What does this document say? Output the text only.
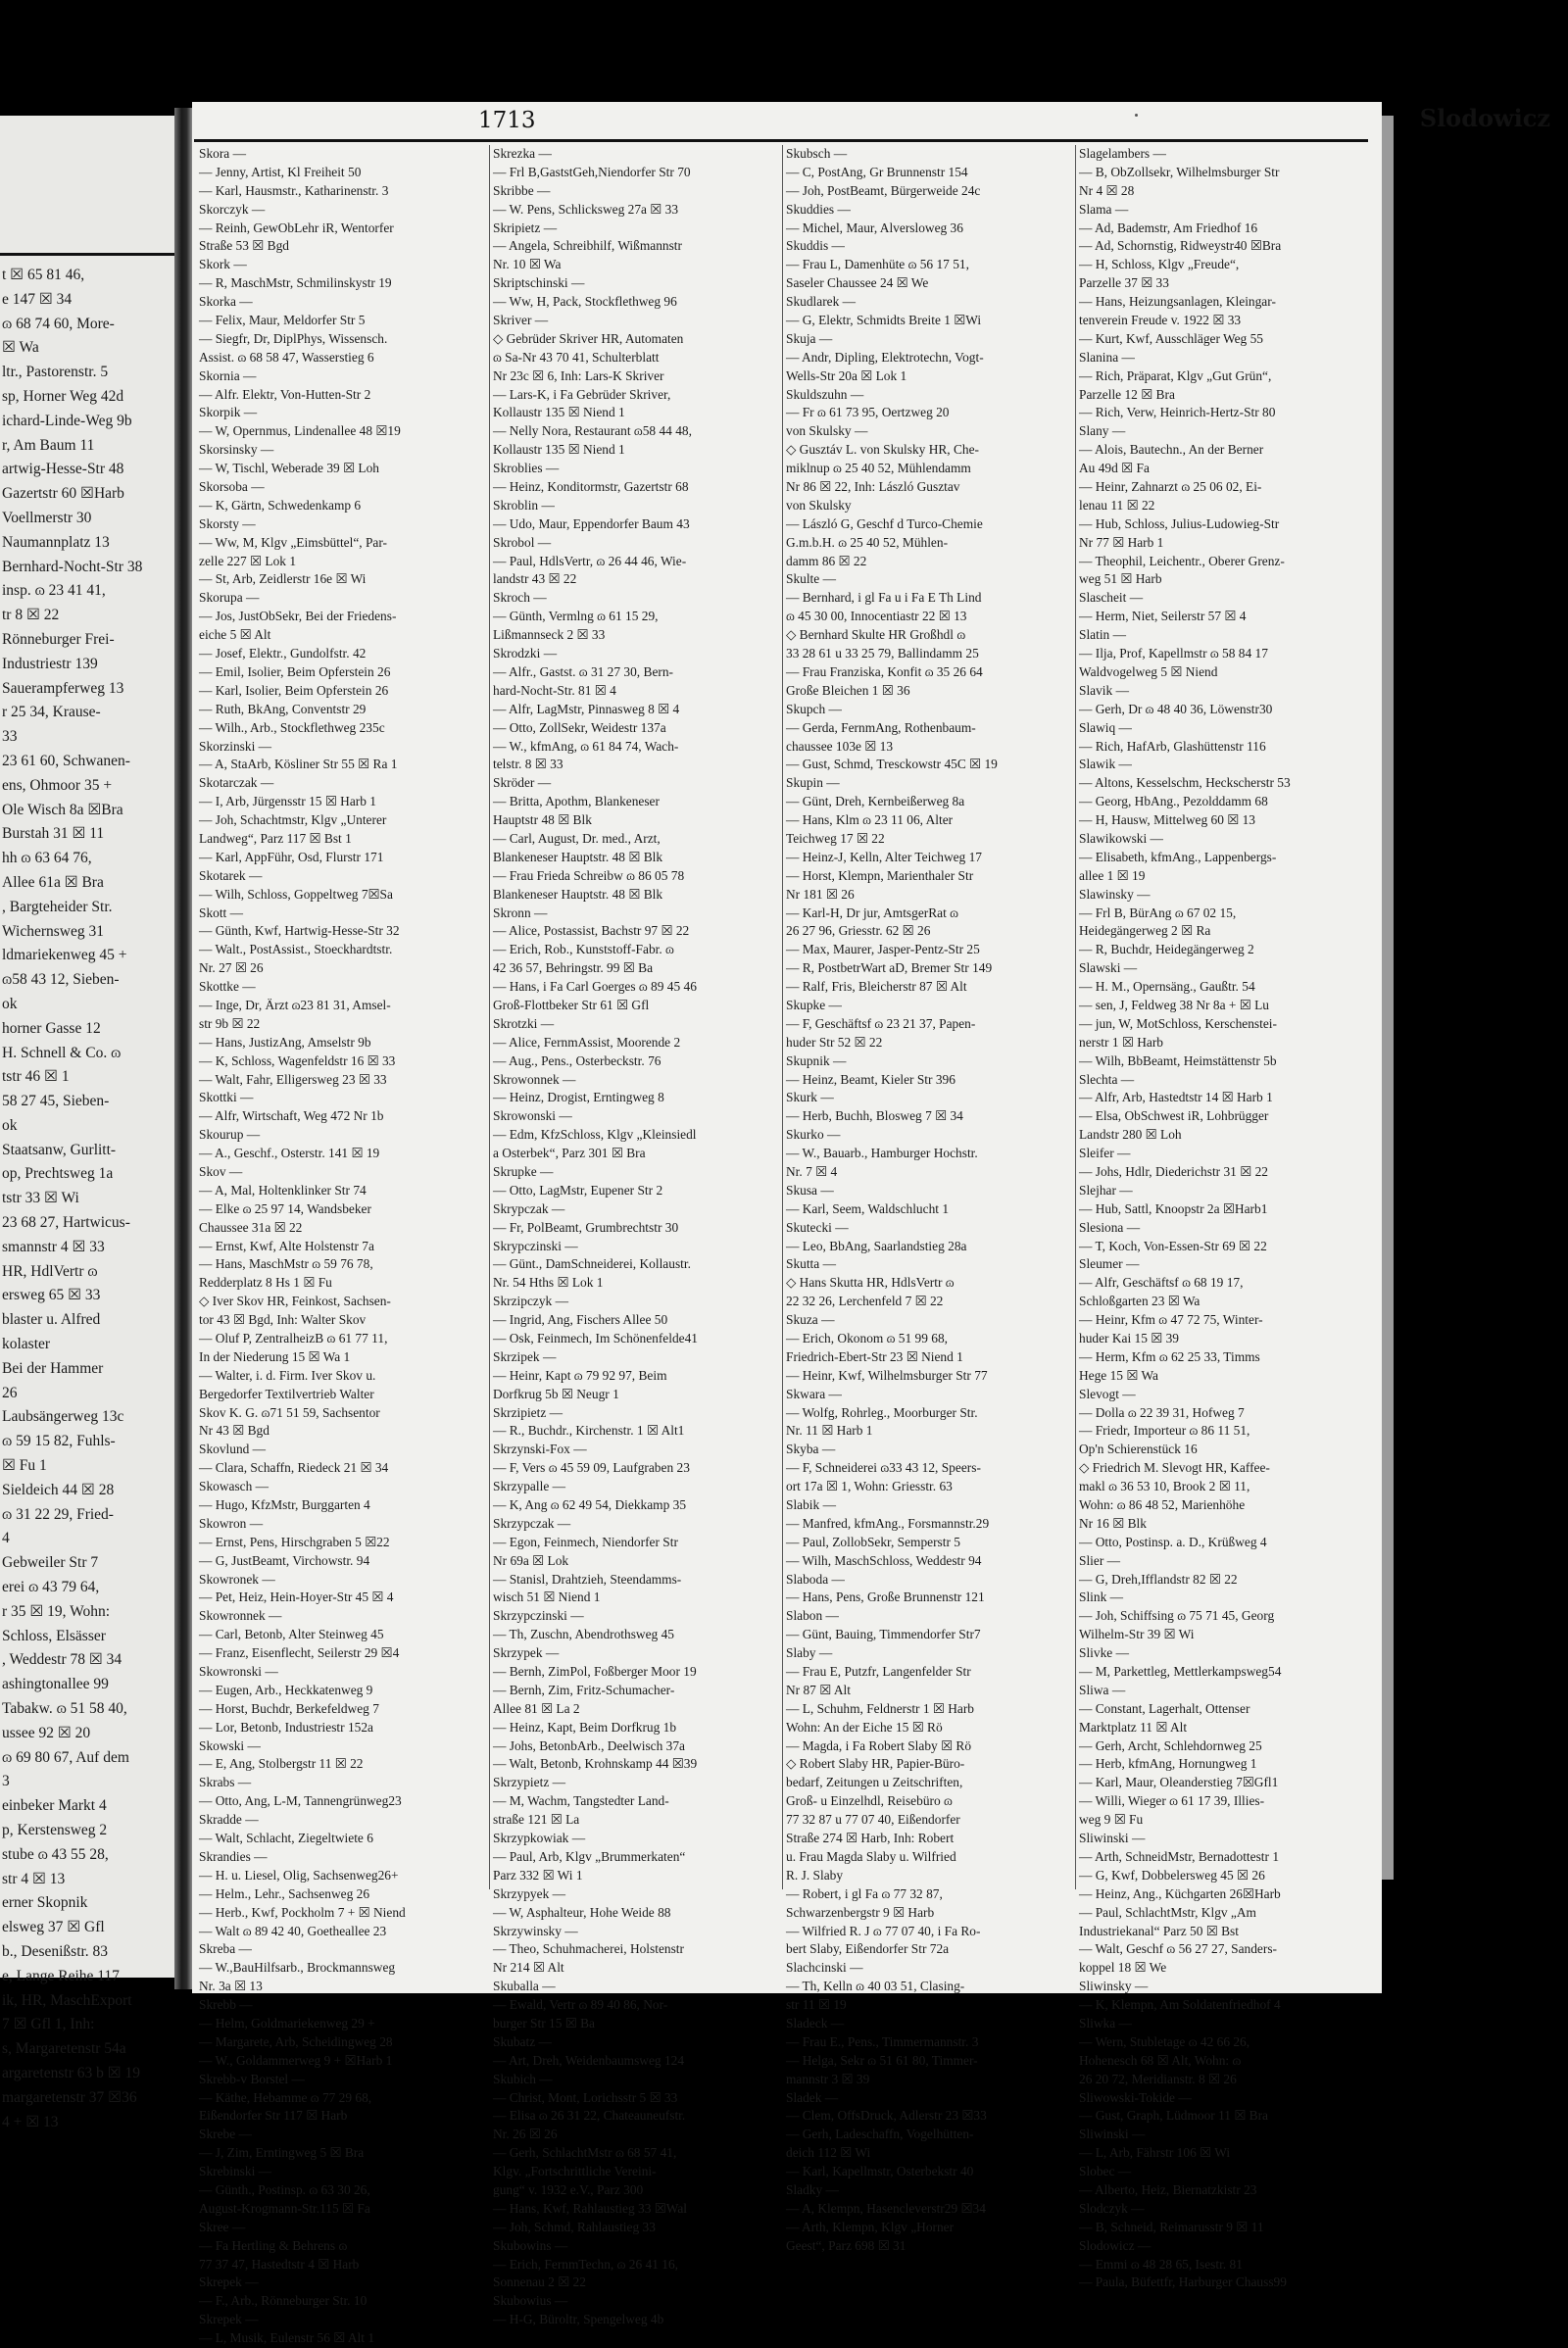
t ☒ 65 81 46,
e 147 ☒ 34
ɷ 68 74 60, More-
☒ Wa
ltr., Pastorenstr. 5
sp, Horner Weg 42d
ichard-Linde-Weg 9b
r, Am Baum 11
artwig-Hesse-Str 48
Gazertstr 60 ☒Harb
Voellmerstr 30
Naumannplatz 13
Bernhard-Nocht-Str 38
insp. ɷ 23 41 41,
tr 8 ☒ 22
Rönneburger Frei-
Industriestr 139
Sauerampferweg 13
r 25 34, Krause-
33
23 61 60, Schwanen-
ens, Ohmoor 35 +
Ole Wisch 8a ☒Bra
Burstah 31 ☒ 11
hh ɷ 63 64 76,
Allee 61a ☒ Bra
, Bargteheider Str.
Wichernsweg 31
ldmariekenweg 45 +
ɷ58 43 12, Sieben-
ok
horner Gasse 12
H. Schnell & Co. ɷ
tstr 46 ☒ 1
58 27 45, Sieben-
ok
Staatsanw, Gurlitt-
op, Prechtsweg 1a
tstr 33 ☒ Wi
23 68 27, Hartwicus-
smannstr 4 ☒ 33
HR, HdlVertr ɷ
ersweg 65 ☒ 33
blaster u. Alfred
kolaster
Bei der Hammer
26
Laubsängerweg 13c
ɷ 59 15 82, Fuhls-
☒ Fu 1
Sieldeich 44 ☒ 28
ɷ 31 22 29, Fried-
4
Gebweiler Str 7
erei ɷ 43 79 64,
r 35 ☒ 19, Wohn:
Schloss, Elsässer
, Weddestr 78 ☒ 34
ashingtonallee 99
Tabakw. ɷ 51 58 40,
ussee 92 ☒ 20
ɷ 69 80 67, Auf dem
3
einbeker Markt 4
p, Kerstensweg 2
stube ɷ 43 55 28,
str 4 ☒ 13
erner Skopnik
elsweg 37 ☒ Gfl
b., Desenißstr. 83
e, Lange Reihe 117
ik, HR, MaschExport
7 ☒ Gfl 1, Inh:
s, Margaretenstr 54a
argaretenstr 63 b ☒ 19
margaretenstr 37 ☒36
4 + ☒ 13
1713	Slodowicz
Skora —
— Jenny, Artist, Kl Freiheit 50
— Karl, Hausmstr., Katharinenstr. 3
Skorczyk —
— Reinh, GewObLehr iR, Wentorfer
Straße 53 ☒ Bgd
Skork —
— R, MaschMstr, Schmilinskystr 19
Skorka —
— Felix, Maur, Meldorfer Str 5
— Siegfr, Dr, DiplPhys, Wissensch.
Assist. ɷ 68 58 47, Wasserstieg 6
Skornia —
— Alfr. Elektr, Von-Hutten-Str 2
Skorpik —
— W, Opernmus, Lindenallee 48 ☒19
Skorsinsky —
— W, Tischl, Weberade 39 ☒ Loh
Skorsoba —
— K, Gärtn, Schwedenkamp 6
Skorsty —
— Ww, M, Klgv „Eimsbüttel“, Par-
zelle 227 ☒ Lok 1
— St, Arb, Zeidlerstr 16e ☒ Wi
Skorupa —
— Jos, JustObSekr, Bei der Friedens-
eiche 5 ☒ Alt
— Josef, Elektr., Gundolfstr. 42
— Emil, Isolier, Beim Opferstein 26
— Karl, Isolier, Beim Opferstein 26
— Ruth, BkAng, Conventstr 29
— Wilh., Arb., Stockflethweg 235c
Skorzinski —
— A, StaArb, Kösliner Str 55 ☒ Ra 1
Skotarczak —
— I, Arb, Jürgensstr 15 ☒ Harb 1
— Joh, Schachtmstr, Klgv „Unterer
Landweg“, Parz 117 ☒ Bst 1
— Karl, AppFühr, Osd, Flurstr 171
Skotarek —
— Wilh, Schloss, Goppeltweg 7☒Sa
Skott —
— Günth, Kwf, Hartwig-Hesse-Str 32
— Walt., PostAssist., Stoeckhardtstr.
Nr. 27 ☒ 26
Skottke —
— Inge, Dr, Ärzt ɷ23 81 31, Amsel-
str 9b ☒ 22
— Hans, JustizAng, Amselstr 9b
— K, Schloss, Wagenfeldstr 16 ☒ 33
— Walt, Fahr, Elligersweg 23 ☒ 33
Skottki —
— Alfr, Wirtschaft, Weg 472 Nr 1b
Skourup —
— A., Geschf., Osterstr. 141 ☒ 19
Skov —
— A, Mal, Holtenklinker Str 74
— Elke ɷ 25 97 14, Wandsbeker
Chaussee 31a ☒ 22
— Ernst, Kwf, Alte Holstenstr 7a
— Hans, MaschMstr ɷ 59 76 78,
Redderplatz 8 Hs 1 ☒ Fu
◇ Iver Skov HR, Feinkost, Sachsen-
tor 43 ☒ Bgd, Inh: Walter Skov
— Oluf P, ZentralheizB ɷ 61 77 11,
In der Niederung 15 ☒ Wa 1
— Walter, i. d. Firm. Iver Skov u.
Bergedorfer Textilvertrieb Walter
Skov K. G. ɷ71 51 59, Sachsentor
Nr 43 ☒ Bgd
Skovlund —
— Clara, Schaffn, Riedeck 21 ☒ 34
Skowasch —
— Hugo, KfzMstr, Burggarten 4
Skowron —
— Ernst, Pens, Hirschgraben 5 ☒22
— G, JustBeamt, Virchowstr. 94
Skowronek —
— Pet, Heiz, Hein-Hoyer-Str 45 ☒ 4
Skowronnek —
— Carl, Betonb, Alter Steinweg 45
— Franz, Eisenflecht, Seilerstr 29 ☒4
Skowronski —
— Eugen, Arb., Heckkatenweg 9
— Horst, Buchdr, Berkefeldweg 7
— Lor, Betonb, Industriestr 152a
Skowski —
— E, Ang, Stolbergstr 11 ☒ 22
Skrabs —
— Otto, Ang, L-M, Tannengrünweg23
Skradde —
— Walt, Schlacht, Ziegeltwiete 6
Skrandies —
— H. u. Liesel, Olig, Sachsenweg26+
— Helm., Lehr., Sachsenweg 26
— Herb., Kwf, Pockholm 7 + ☒ Niend
— Walt ɷ 89 42 40, Goetheallee 23
Skreba —
— W.,BauHilfsarb., Brockmannsweg
Nr. 3a ☒ 13
Skrebb —
— Helm, Goldmariekenweg 29 +
— Margarete, Arb, Scheidingweg 28
— W., Goldammerweg 9 + ☒Harb 1
Skrebb-v Borstel —
— Käthe, Hebamme ɷ 77 29 68,
Eißendorfer Str 117 ☒ Harb
Skrebe —
— J, Zim, Erntingweg 5 ☒ Bra
Skrebinski —
— Günth., Postinsp. ɷ 63 30 26,
August-Krogmann-Str.115 ☒ Fa
Skree —
— Fa Hertling & Behrens ɷ
77 37 47, Hastedtstr 4 ☒ Harb
Skrepek —
— F., Arb., Rönneburger Str. 10
Skrepek —
— L, Musik, Eulenstr 56 ☒ Alt 1
Skrezka —
— Frl B,GaststGeh,Niendorfer Str 70
Skribbe —
— W. Pens, Schlicksweg 27a ☒ 33
Skripietz —
— Angela, Schreibhilf, Wißmannstr
Nr. 10 ☒ Wa
Skriptschinski —
— Ww, H, Pack, Stockflethweg 96
Skriver —
◇ Gebrüder Skriver HR, Automaten
ɷ Sa-Nr 43 70 41, Schulterblatt
Nr 23c ☒ 6, Inh: Lars-K Skriver
— Lars-K, i Fa Gebrüder Skriver,
Kollaustr 135 ☒ Niend 1
— Nelly Nora, Restaurant ɷ58 44 48,
Kollaustr 135 ☒ Niend 1
Skroblies —
— Heinz, Konditormstr, Gazertstr 68
Skroblin —
— Udo, Maur, Eppendorfer Baum 43
Skrobol —
— Paul, HdlsVertr, ɷ 26 44 46, Wie-
landstr 43 ☒ 22
Skroch —
— Günth, Vermlng ɷ 61 15 29,
Lißmannseck 2 ☒ 33
Skrodzki —
— Alfr., Gastst. ɷ 31 27 30, Bern-
hard-Nocht-Str. 81 ☒ 4
— Alfr, LagMstr, Pinnasweg 8 ☒ 4
— Otto, ZollSekr, Weidestr 137a
— W., kfmAng, ɷ 61 84 74, Wach-
telstr. 8 ☒ 33
Skröder —
— Britta, Apothm, Blankeneser
Hauptstr 48 ☒ Blk
— Carl, August, Dr. med., Arzt,
Blankeneser Hauptstr. 48 ☒ Blk
— Frau Frieda Schreibw ɷ 86 05 78
Blankeneser Hauptstr. 48 ☒ Blk
Skronn —
— Alice, Postassist, Bachstr 97 ☒ 22
— Erich, Rob., Kunststoff-Fabr. ɷ
42 36 57, Behringstr. 99 ☒ Ba
— Hans, i Fa Carl Goerges ɷ 89 45 46
Groß-Flottbeker Str 61 ☒ Gfl
Skrotzki —
— Alice, FernmAssist, Moorende 2
— Aug., Pens., Osterbeckstr. 76
Skrowonnek —
— Heinz, Drogist, Erntingweg 8
Skrowonski —
— Edm, KfzSchloss, Klgv „Kleinsiedl
a Osterbek“, Parz 301 ☒ Bra
Skrupke —
— Otto, LagMstr, Eupener Str 2
Skrypczak —
— Fr, PolBeamt, Grumbrechtstr 30
Skrypczinski —
— Günt., DamSchneiderei, Kollaustr.
Nr. 54 Hths ☒ Lok 1
Skrzipczyk —
— Ingrid, Ang, Fischers Allee 50
— Osk, Feinmech, Im Schönenfelde41
Skrzipek —
— Heinr, Kapt ɷ 79 92 97, Beim
Dorfkrug 5b ☒ Neugr 1
Skrzipietz —
— R., Buchdr., Kirchenstr. 1 ☒ Alt1
Skrzynski-Fox —
— F, Vers ɷ 45 59 09, Laufgraben 23
Skrzypalle —
— K, Ang ɷ 62 49 54, Diekkamp 35
Skrzypczak —
— Egon, Feinmech, Niendorfer Str
Nr 69a ☒ Lok
— Stanisl, Drahtzieh, Steendamms-
wisch 51 ☒ Niend 1
Skrzypczinski —
— Th, Zuschn, Abendrothsweg 45
Skrzypek —
— Bernh, ZimPol, Foßberger Moor 19
— Bernh, Zim, Fritz-Schumacher-
Allee 81 ☒ La 2
— Heinz, Kapt, Beim Dorfkrug 1b
— Johs, BetonbArb., Deelwisch 37a
— Walt, Betonb, Krohnskamp 44 ☒39
Skrzypietz —
— M, Wachm, Tangstedter Land-
straße 121 ☒ La
Skrzypkowiak —
— Paul, Arb, Klgv „Brummerkaten“
Parz 332 ☒ Wi 1
Skrzypyek —
— W, Asphalteur, Hohe Weide 88
Skrzywinsky —
— Theo, Schuhmacherei, Holstenstr
Nr 214 ☒ Alt
Skuballa —
— Ewald, Vertr ɷ 89 40 86, Nor-
burger Str 15 ☒ Ba
Skubatz —
— Art, Dreh, Weidenbaumsweg 124
Skubich —
— Christ, Mont, Lorichsstr 5 ☒ 33
— Elisa ɷ 26 31 22, Chateauneufstr.
Nr. 26 ☒ 26
— Gerh, SchlachtMstr ɷ 68 57 41,
Klgv. „Fortschrittliche Vereini-
gung“ v. 1932 e.V., Parz 300
— Hans, Kwf, Rahlaustieg 33 ☒Wal
— Joh, Schmd, Rahlaustieg 33
Skubowins —
— Erich, FernmTechn, ɷ 26 41 16,
Sonnenau 2 ☒ 22
Skubowius —
— H-G, Büroltr, Spengelweg 4b
Skubsch —
— C, PostAng, Gr Brunnenstr 154
— Joh, PostBeamt, Bürgerweide 24c
Skuddies —
— Michel, Maur, Alversloweg 36
Skuddis —
— Frau L, Damenhüte ɷ 56 17 51,
Saseler Chaussee 24 ☒ We
Skudlarek —
— G, Elektr, Schmidts Breite 1 ☒Wi
Skuja —
— Andr, Dipling, Elektrotechn, Vogt-
Wells-Str 20a ☒ Lok 1
Skuldszuhn —
— Fr ɷ 61 73 95, Oertzweg 20
von Skulsky —
◇ Gusztáv L. von Skulsky HR, Che-
miklnup ɷ 25 40 52, Mühlendamm
Nr 86 ☒ 22, Inh: László Gusztav
von Skulsky
— László G, Geschf d Turco-Chemie
G.m.b.H. ɷ 25 40 52, Mühlen-
damm 86 ☒ 22
Skulte —
— Bernhard, i gl Fa u i Fa E Th Lind
ɷ 45 30 00, Innocentiastr 22 ☒ 13
◇ Bernhard Skulte HR Großhdl ɷ
33 28 61 u 33 25 79, Ballindamm 25
— Frau Franziska, Konfit ɷ 35 26 64
Große Bleichen 1 ☒ 36
Skupch —
— Gerda, FernmAng, Rothenbaum-
chaussee 103e ☒ 13
— Gust, Schmd, Tresckowstr 45C ☒ 19
Skupin —
— Günt, Dreh, Kernbeißerweg 8a
— Hans, Klm ɷ 23 11 06, Alter
Teichweg 17 ☒ 22
— Heinz-J, Kelln, Alter Teichweg 17
— Horst, Klempn, Marienthaler Str
Nr 181 ☒ 26
— Karl-H, Dr jur, AmtsgerRat ɷ
26 27 96, Griesstr. 62 ☒ 26
— Max, Maurer, Jasper-Pentz-Str 25
— R, PostbetrWart aD, Bremer Str 149
— Ralf, Fris, Bleicherstr 87 ☒ Alt
Skupke —
— F, Geschäftsf ɷ 23 21 37, Papen-
huder Str 52 ☒ 22
Skupnik —
— Heinz, Beamt, Kieler Str 396
Skurk —
— Herb, Buchh, Blosweg 7 ☒ 34
Skurko —
— W., Bauarb., Hamburger Hochstr.
Nr. 7 ☒ 4
Skusa —
— Karl, Seem, Waldschlucht 1
Skutecki —
— Leo, BbAng, Saarlandstieg 28a
Skutta —
◇ Hans Skutta HR, HdlsVertr ɷ
22 32 26, Lerchenfeld 7 ☒ 22
Skuza —
— Erich, Okonom ɷ 51 99 68,
Friedrich-Ebert-Str 23 ☒ Niend 1
— Heinr, Kwf, Wilhelmsburger Str 77
Skwara —
— Wolfg, Rohrleg., Moorburger Str.
Nr. 11 ☒ Harb 1
Skyba —
— F, Schneiderei ɷ33 43 12, Speers-
ort 17a ☒ 1, Wohn: Griesstr. 63
Slabik —
— Manfred, kfmAng., Forsmannstr.29
— Paul, ZollobSekr, Semperstr 5
— Wilh, MaschSchloss, Weddestr 94
Slaboda —
— Hans, Pens, Große Brunnenstr 121
Slabon —
— Günt, Bauing, Timmendorfer Str7
Slaby —
— Frau E, Putzfr, Langenfelder Str
Nr 87 ☒ Alt
— L, Schuhm, Feldnerstr 1 ☒ Harb
Wohn: An der Eiche 15 ☒ Rö
— Magda, i Fa Robert Slaby ☒ Rö
◇ Robert Slaby HR, Papier-Büro-
bedarf, Zeitungen u Zeitschriften,
Groß- u Einzelhdl, Reisebüro ɷ
77 32 87 u 77 07 40, Eißendorfer
Straße 274 ☒ Harb, Inh: Robert
u. Frau Magda Slaby u. Wilfried
R. J. Slaby
— Robert, i gl Fa ɷ 77 32 87,
Schwarzenbergstr 9 ☒ Harb
— Wilfried R. J ɷ 77 07 40, i Fa Ro-
bert Slaby, Eißendorfer Str 72a
Slachcinski —
— Th, Kelln ɷ 40 03 51, Clasing-
str 11 ☒ 19
Sladeck —
— Frau E., Pens., Timmermannstr. 3
— Helga, Sekr ɷ 51 61 80, Timmer-
mannstr 3 ☒ 39
Sladek —
— Clem, OffsDruck, Adlerstr 23 ☒33
— Gerh, Ladeschaffn, Vogelhütten-
deich 112 ☒ Wi
— Karl, Kapellmstr, Osterbekstr 40
Sladky —
— A, Klempn, Hasencleverstr29 ☒34
— Arth, Klempn, Klgv „Horner
Geest“, Parz 698 ☒ 31
Slagelambers —
— B, ObZollsekr, Wilhelmsburger Str
Nr 4 ☒ 28
Slama —
— Ad, Bademstr, Am Friedhof 16
— Ad, Schornstig, Ridweystr40 ☒Bra
— H, Schloss, Klgv „Freude“,
Parzelle 37 ☒ 33
— Hans, Heizungsanlagen, Kleingar-
tenverein Freude v. 1922 ☒ 33
— Kurt, Kwf, Ausschläger Weg 55
Slanina —
— Rich, Präparat, Klgv „Gut Grün“,
Parzelle 12 ☒ Bra
— Rich, Verw, Heinrich-Hertz-Str 80
Slany —
— Alois, Bautechn., An der Berner
Au 49d ☒ Fa
— Heinr, Zahnarzt ɷ 25 06 02, Ei-
lenau 11 ☒ 22
— Hub, Schloss, Julius-Ludowieg-Str
Nr 77 ☒ Harb 1
— Theophil, Leichentr., Oberer Grenz-
weg 51 ☒ Harb
Slascheit —
— Herm, Niet, Seilerstr 57 ☒ 4
Slatin —
— Ilja, Prof, Kapellmstr ɷ 58 84 17
Waldvogelweg 5 ☒ Niend
Slavik —
— Gerh, Dr ɷ 48 40 36, Löwenstr30
Slawiq —
— Rich, HafArb, Glashüttenstr 116
Slawik —
— Altons, Kesselschm, Heckscherstr 53
— Georg, HbAng., Pezolddamm 68
— H, Hausw, Mittelweg 60 ☒ 13
Slawikowski —
— Elisabeth, kfmAng., Lappenbergs-
allee 1 ☒ 19
Slawinsky —
— Frl B, BürAng ɷ 67 02 15,
Heidegängerweg 2 ☒ Ra
— R, Buchdr, Heidegängerweg 2
Slawski —
— H. M., Opernsäng., Gaußtr. 54
— sen, J, Feldweg 38 Nr 8a + ☒ Lu
— jun, W, MotSchloss, Kerschenstei-
nerstr 1 ☒ Harb
— Wilh, BbBeamt, Heimstättenstr 5b
Slechta —
— Alfr, Arb, Hastedtstr 14 ☒ Harb 1
— Elsa, ObSchwest iR, Lohbrügger
Landstr 280 ☒ Loh
Sleifer —
— Johs, Hdlr, Diederichstr 31 ☒ 22
Slejhar —
— Hub, Sattl, Knoopstr 2a ☒Harb1
Slesiona —
— T, Koch, Von-Essen-Str 69 ☒ 22
Sleumer —
— Alfr, Geschäftsf ɷ 68 19 17,
Schloßgarten 23 ☒ Wa
— Heinr, Kfm ɷ 47 72 75, Winter-
huder Kai 15 ☒ 39
— Herm, Kfm ɷ 62 25 33, Timms
Hege 15 ☒ Wa
Slevogt —
— Dolla ɷ 22 39 31, Hofweg 7
— Friedr, Importeur ɷ 86 11 51,
Op'n Schierenstück 16
◇ Friedrich M. Slevogt HR, Kaffee-
makl ɷ 36 53 10, Brook 2 ☒ 11,
Wohn: ɷ 86 48 52, Marienhöhe
Nr 16 ☒ Blk
— Otto, Postinsp. a. D., Krüßweg 4
Slier —
— G, Dreh,Ifflandstr 82 ☒ 22
Slink —
— Joh, Schiffsing ɷ 75 71 45, Georg
Wilhelm-Str 39 ☒ Wi
Slivke —
— M, Parkettleg, Mettlerkampsweg54
Sliwa —
— Constant, Lagerhalt, Ottenser
Marktplatz 11 ☒ Alt
— Gerh, Archt, Schlehdornweg 25
— Herb, kfmAng, Hornungweg 1
— Karl, Maur, Oleanderstieg 7☒Gfl1
— Willi, Wieger ɷ 61 17 39, Illies-
weg 9 ☒ Fu
Sliwinski —
— Arth, SchneidMstr, Bernadottestr 1
— G, Kwf, Dobbelersweg 45 ☒ 26
— Heinz, Ang., Küchgarten 26☒Harb
— Paul, SchlachtMstr, Klgv „Am
Industriekanal“ Parz 50 ☒ Bst
— Walt, Geschf ɷ 56 27 27, Sanders-
koppel 18 ☒ We
Sliwinsky —
— K, Klempn, Am Soldatenfriedhof 4
Sliwka —
— Wern, Stubletage ɷ 42 66 26,
Hohenesch 68 ☒ Alt, Wohn: ɷ
26 20 72, Meridianstr. 8 ☒ 26
Sliwowski-Tokide —
— Gust, Graph, Lüdmoor 11 ☒ Bra
Sliwinski —
— L, Arb, Fährstr 106 ☒ Wi
Slobec —
— Alberto, Heiz, Biernatzkistr 23
Slodczyk —
— B, Schneid, Reimarusstr 9 ☒ 11
Slodowicz —
— Emmi ɷ 48 28 65, Isestr. 81
— Paula, Büfettfr, Harburger Chauss99
